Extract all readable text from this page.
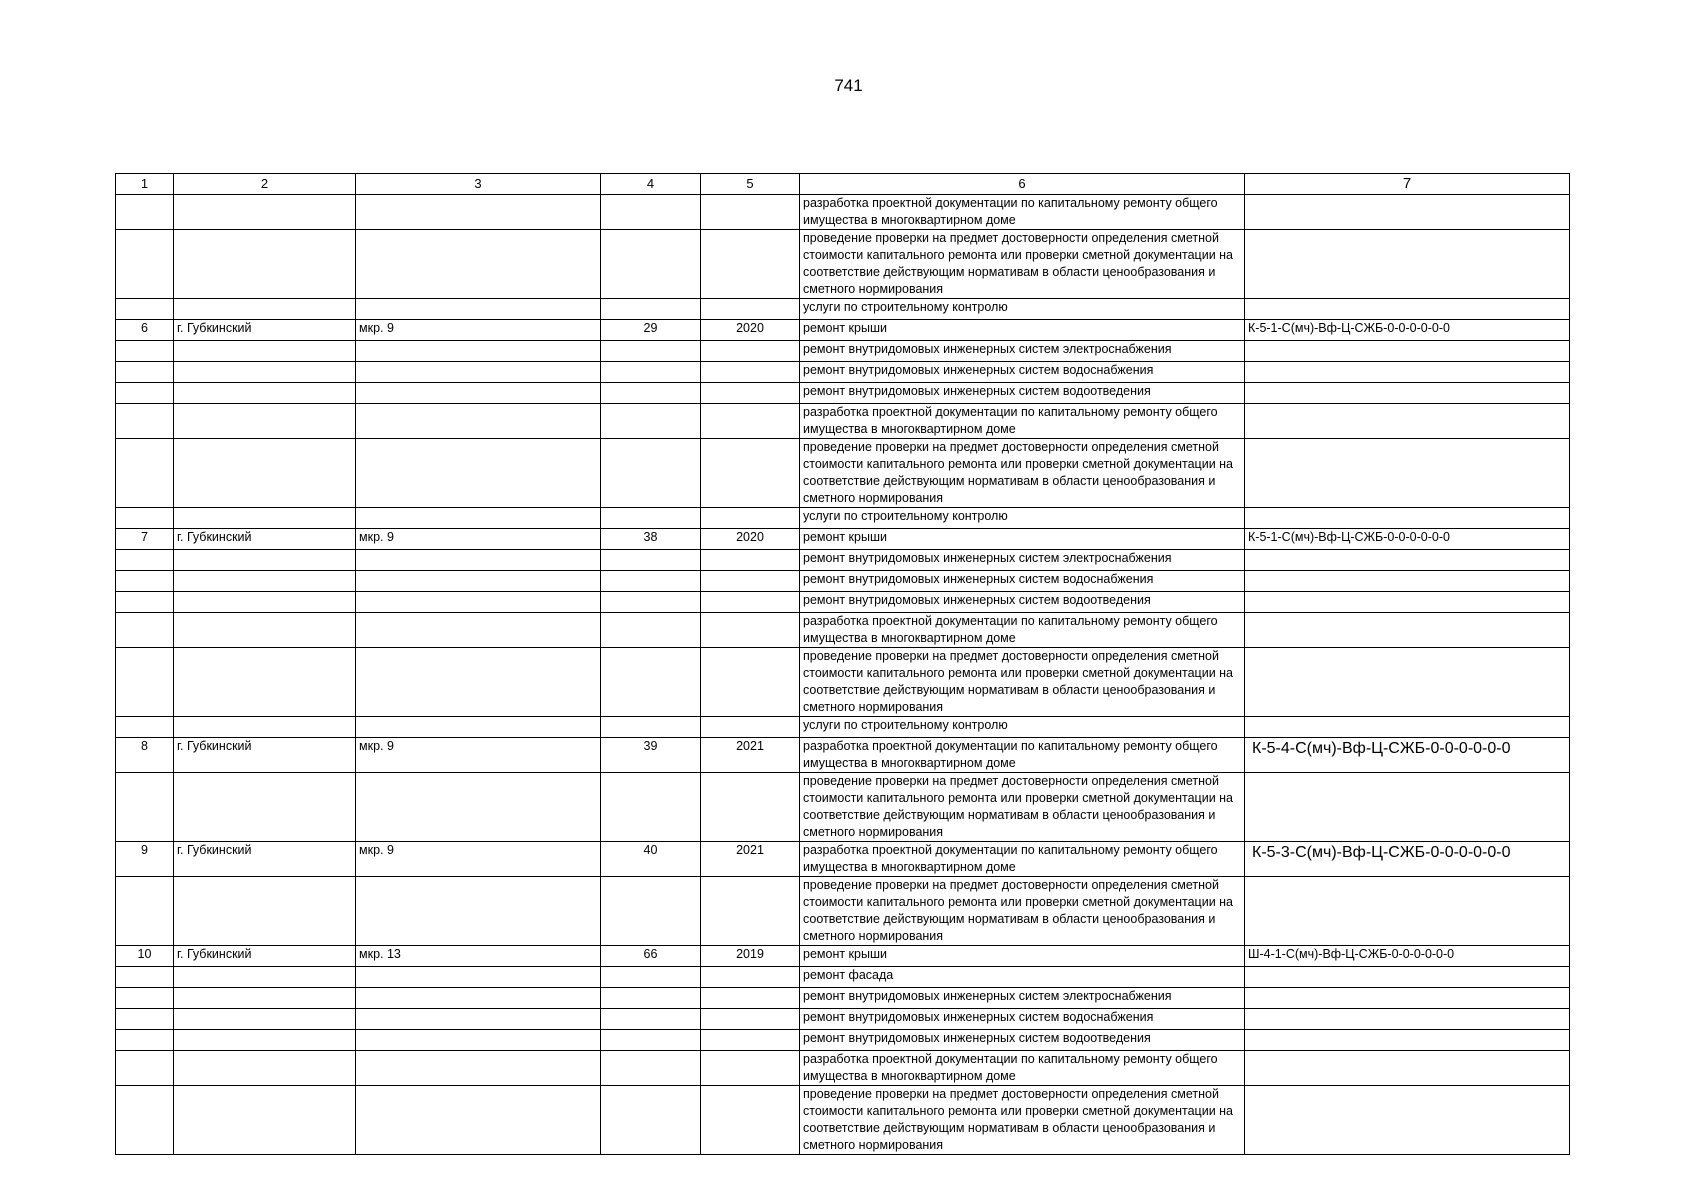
741
1	2	3	4	5	6	7
					разработка проектной документации по капитальному ремонту общего имущества в многоквартирном доме	
					проведение проверки на предмет достоверности определения сметной стоимости капитального ремонта или проверки сметной документации на соответствие действующим нормативам в области ценообразования и сметного нормирования	
					услуги по строительному контролю	
6	г. Губкинский	мкр. 9	29	2020	ремонт крыши	К-5-1-С(мч)-Вф-Ц-СЖБ-0-0-0-0-0-0
					ремонт внутридомовых инженерных систем электроснабжения	
					ремонт внутридомовых инженерных систем водоснабжения	
					ремонт внутридомовых инженерных систем водоотведения	
					разработка проектной документации по капитальному ремонту общего имущества в многоквартирном доме	
					проведение проверки на предмет достоверности определения сметной стоимости капитального ремонта или проверки сметной документации на соответствие действующим нормативам в области ценообразования и сметного нормирования	
					услуги по строительному контролю	
7	г. Губкинский	мкр. 9	38	2020	ремонт крыши	К-5-1-С(мч)-Вф-Ц-СЖБ-0-0-0-0-0-0
					ремонт внутридомовых инженерных систем электроснабжения	
					ремонт внутридомовых инженерных систем водоснабжения	
					ремонт внутридомовых инженерных систем водоотведения	
					разработка проектной документации по капитальному ремонту общего имущества в многоквартирном доме	
					проведение проверки на предмет достоверности определения сметной стоимости капитального ремонта или проверки сметной документации на соответствие действующим нормативам в области ценообразования и сметного нормирования	
					услуги по строительному контролю	
8	г. Губкинский	мкр. 9	39	2021	разработка проектной документации по капитальному ремонту общего имущества в многоквартирном доме	К-5-4-С(мч)-Вф-Ц-СЖБ-0-0-0-0-0-0
					проведение проверки на предмет достоверности определения сметной стоимости капитального ремонта или проверки сметной документации на соответствие действующим нормативам в области ценообразования и сметного нормирования	
9	г. Губкинский	мкр. 9	40	2021	разработка проектной документации по капитальному ремонту общего имущества в многоквартирном доме	К-5-3-С(мч)-Вф-Ц-СЖБ-0-0-0-0-0-0
					проведение проверки на предмет достоверности определения сметной стоимости капитального ремонта или проверки сметной документации на соответствие действующим нормативам в области ценообразования и сметного нормирования	
10	г. Губкинский	мкр. 13	66	2019	ремонт крыши	Ш-4-1-С(мч)-Вф-Ц-СЖБ-0-0-0-0-0-0
					ремонт фасада	
					ремонт внутридомовых инженерных систем электроснабжения	
					ремонт внутридомовых инженерных систем водоснабжения	
					ремонт внутридомовых инженерных систем водоотведения	
					разработка проектной документации по капитальному ремонту общего имущества в многоквартирном доме	
					проведение проверки на предмет достоверности определения сметной стоимости капитального ремонта или проверки сметной документации на соответствие действующим нормативам в области ценообразования и сметного нормирования	
